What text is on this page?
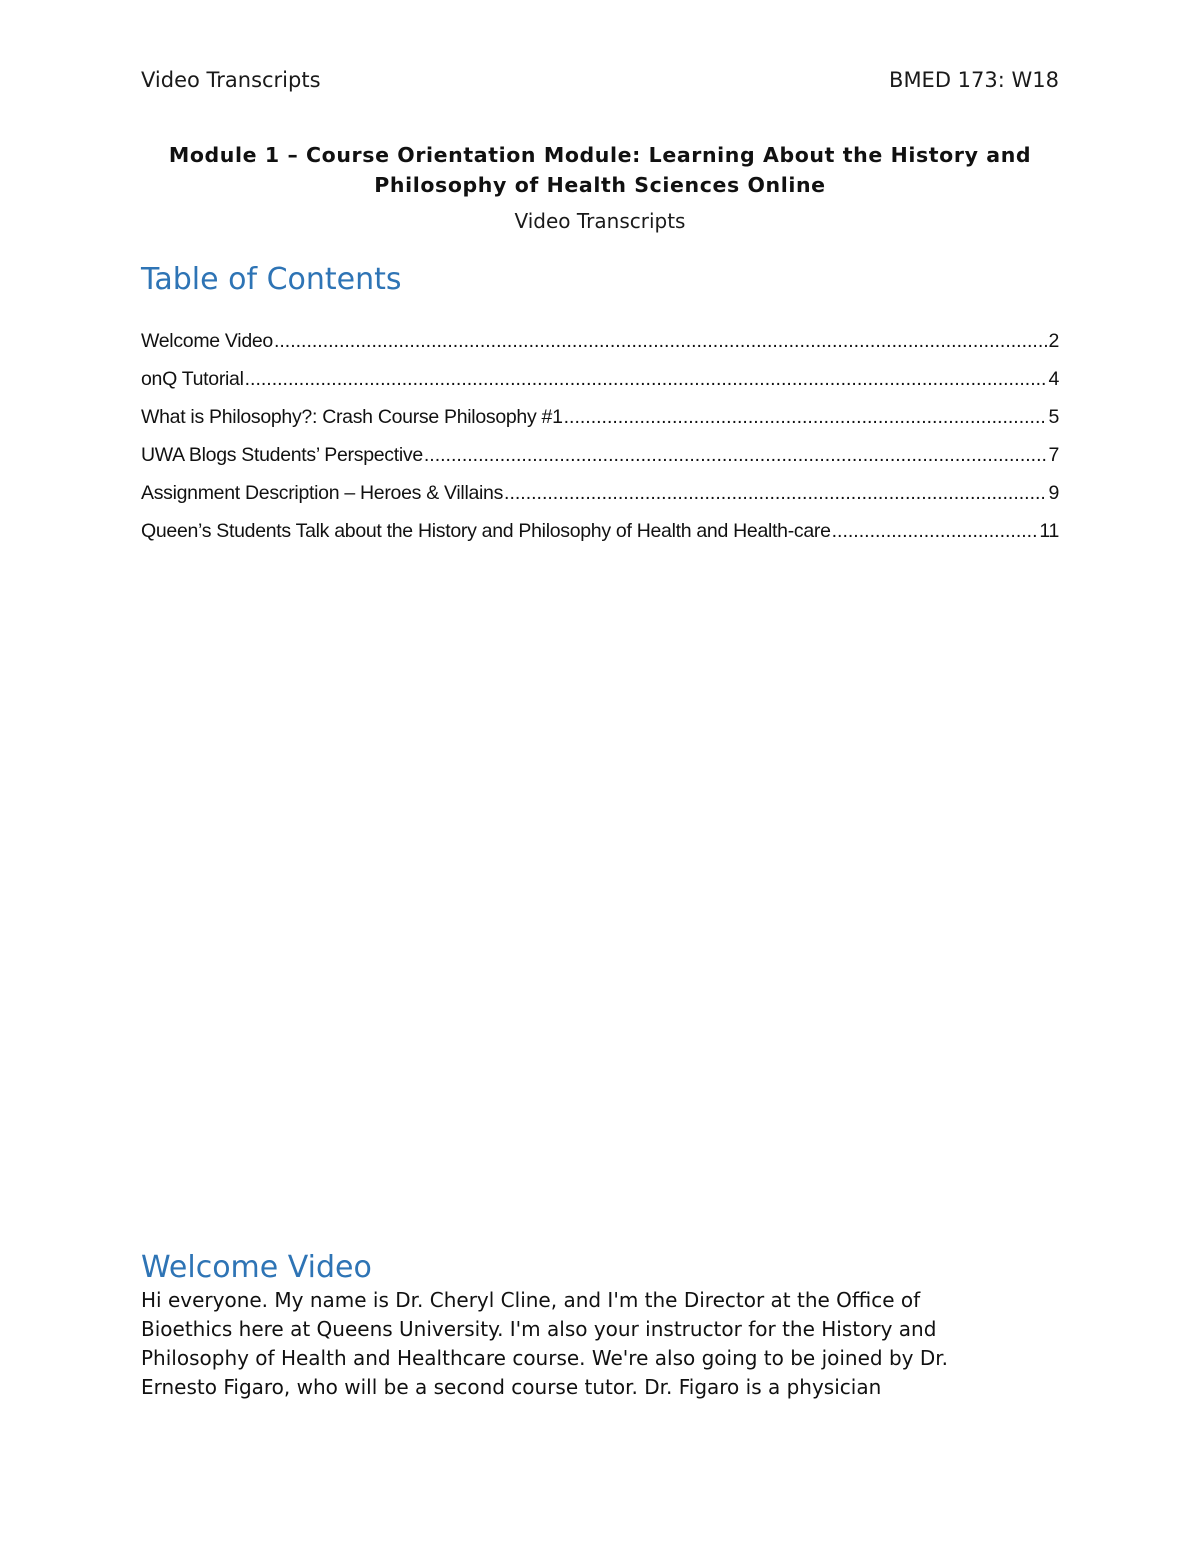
Video Transcripts	BMED 173: W18
Module 1 – Course Orientation Module: Learning About the History and
Philosophy of Health Sciences Online
Video Transcripts
Table of Contents
Welcome Video .....	2
onQ Tutorial .....	4
What is Philosophy?: Crash Course Philosophy #1 .....	5
UWA Blogs Students’ Perspective .....	7
Assignment Description – Heroes & Villains .....	9
Queen’s Students Talk about the History and Philosophy of Health and Health-care .....	11
Welcome Video
Hi everyone. My name is Dr. Cheryl Cline, and I'm the Director at the Office of
Bioethics here at Queens University. I'm also your instructor for the History and
Philosophy of Health and Healthcare course. We're also going to be joined by Dr.
Ernesto Figaro, who will be a second course tutor. Dr. Figaro is a physician
